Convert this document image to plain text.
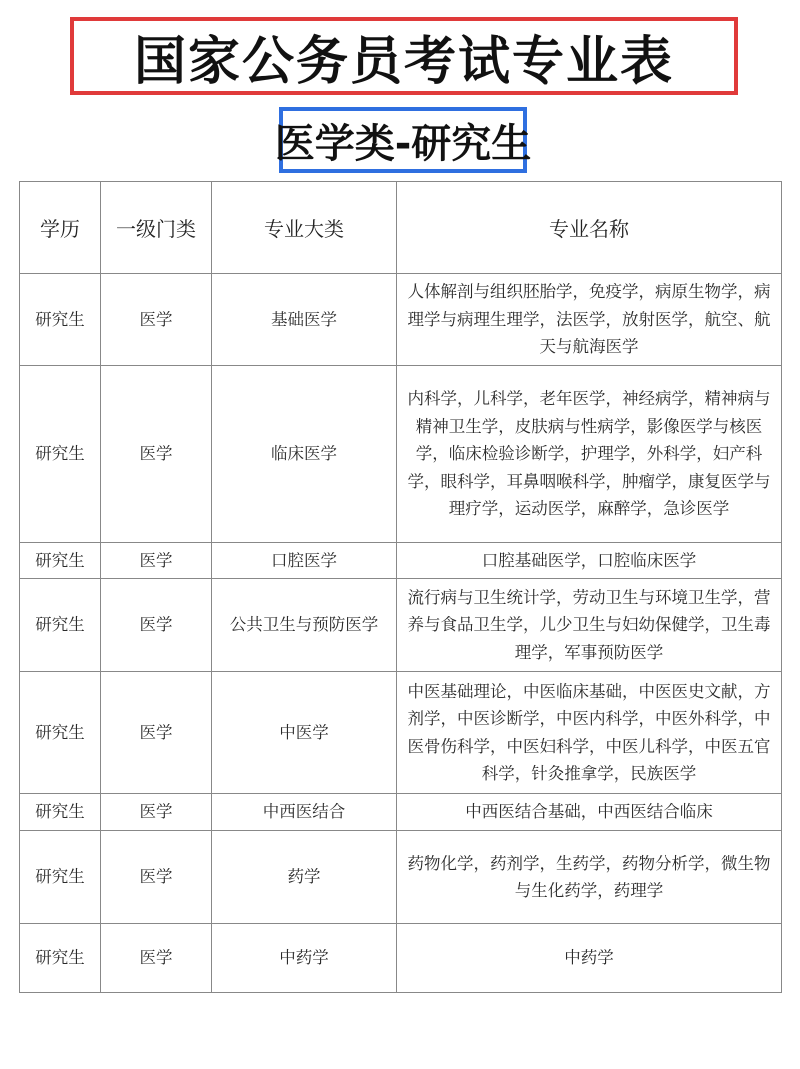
国家公务员考试专业表
医学类-研究生
学历	一级门类	专业大类	专业名称
研究生	医学	基础医学	人体解剖与组织胚胎学，免疫学，病原生物学，病理学与病理生理学，法医学，放射医学，航空、航天与航海医学
研究生	医学	临床医学	内科学，儿科学，老年医学，神经病学，精神病与精神卫生学，皮肤病与性病学，影像医学与核医学，临床检验诊断学，护理学，外科学，妇产科学，眼科学，耳鼻咽喉科学，肿瘤学，康复医学与理疗学，运动医学，麻醉学，急诊医学
研究生	医学	口腔医学	口腔基础医学，口腔临床医学
研究生	医学	公共卫生与预防医学	流行病与卫生统计学，劳动卫生与环境卫生学，营养与食品卫生学，儿少卫生与妇幼保健学，卫生毒理学，军事预防医学
研究生	医学	中医学	中医基础理论，中医临床基础，中医医史文献，方剂学，中医诊断学，中医内科学，中医外科学，中医骨伤科学，中医妇科学，中医儿科学，中医五官科学，针灸推拿学，民族医学
研究生	医学	中西医结合	中西医结合基础，中西医结合临床
研究生	医学	药学	药物化学，药剂学，生药学，药物分析学，微生物与生化药学，药理学
研究生	医学	中药学	中药学
